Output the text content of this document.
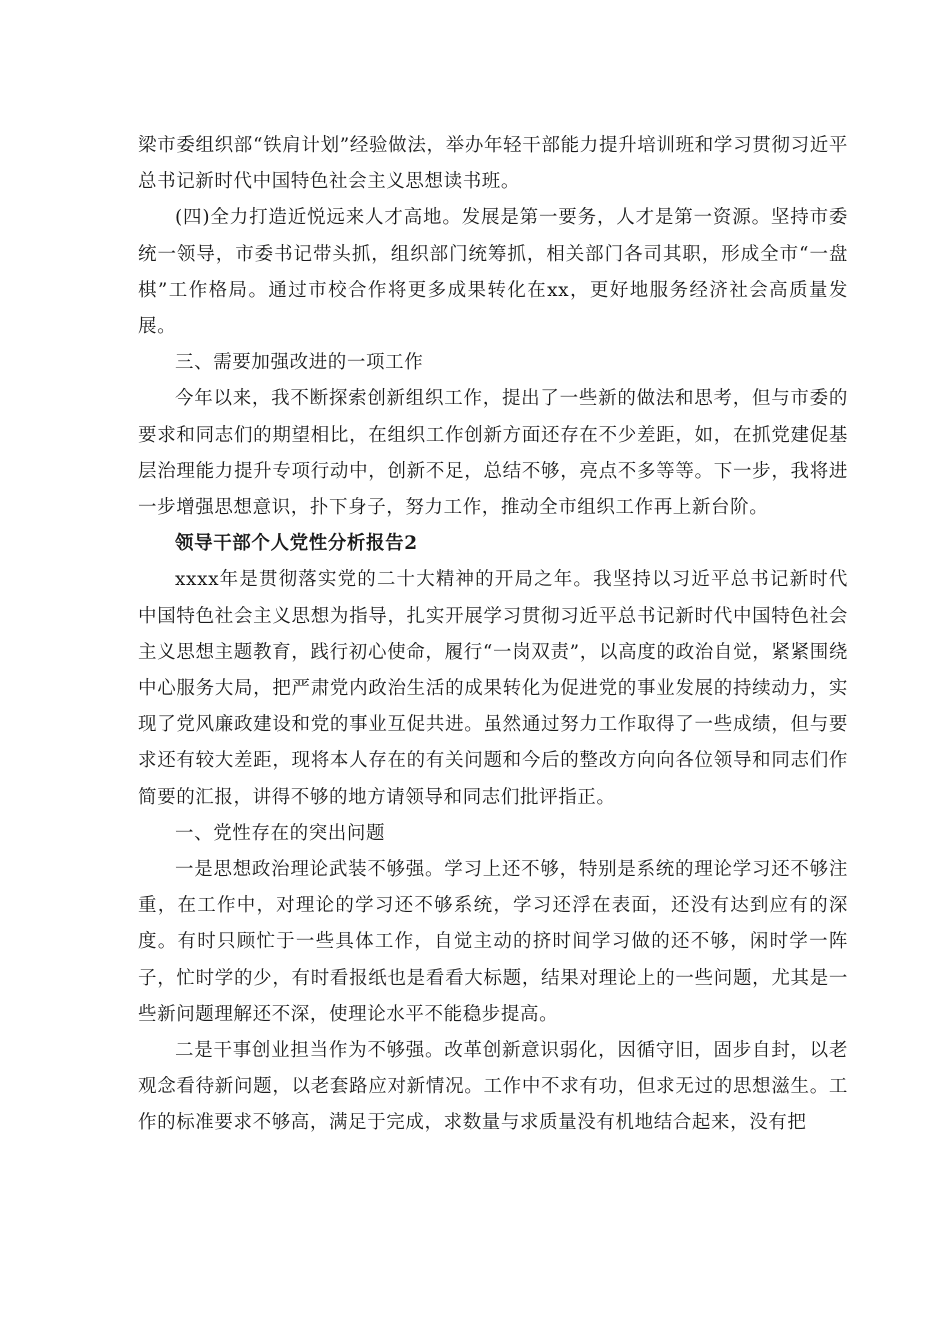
梁市委组织部“铁肩计划”经验做法，举办年轻干部能力提升培训班和学习贯彻习近平总书记新时代中国特色社会主义思想读书班。

(四)全力打造近悦远来人才高地。发展是第一要务，人才是第一资源。坚持市委统一领导，市委书记带头抓，组织部门统筹抓，相关部门各司其职，形成全市“一盘棋”工作格局。通过市校合作将更多成果转化在xx，更好地服务经济社会高质量发展。

三、需要加强改进的一项工作

今年以来，我不断探索创新组织工作，提出了一些新的做法和思考，但与市委的要求和同志们的期望相比，在组织工作创新方面还存在不少差距，如，在抓党建促基层治理能力提升专项行动中，创新不足，总结不够，亮点不多等等。下一步，我将进一步增强思想意识，扑下身子，努力工作，推动全市组织工作再上新台阶。

领导干部个人党性分析报告2

xxxx年是贯彻落实党的二十大精神的开局之年。我坚持以习近平总书记新时代中国特色社会主义思想为指导，扎实开展学习贯彻习近平总书记新时代中国特色社会主义思想主题教育，践行初心使命，履行“一岗双责”，以高度的政治自觉，紧紧围绕中心服务大局，把严肃党内政治生活的成果转化为促进党的事业发展的持续动力，实现了党风廉政建设和党的事业互促共进。虽然通过努力工作取得了一些成绩，但与要求还有较大差距，现将本人存在的有关问题和今后的整改方向向各位领导和同志们作简要的汇报，讲得不够的地方请领导和同志们批评指正。

一、党性存在的突出问题

一是思想政治理论武装不够强。学习上还不够，特别是系统的理论学习还不够注重，在工作中，对理论的学习还不够系统，学习还浮在表面，还没有达到应有的深度。有时只顾忙于一些具体工作，自觉主动的挤时间学习做的还不够，闲时学一阵子，忙时学的少，有时看报纸也是看看大标题，结果对理论上的一些问题，尤其是一些新问题理解还不深，使理论水平不能稳步提高。

二是干事创业担当作为不够强。改革创新意识弱化，因循守旧，固步自封，以老观念看待新问题，以老套路应对新情况。工作中不求有功，但求无过的思想滋生。工作的标准要求不够高，满足于完成，求数量与求质量没有机地结合起来，没有把
